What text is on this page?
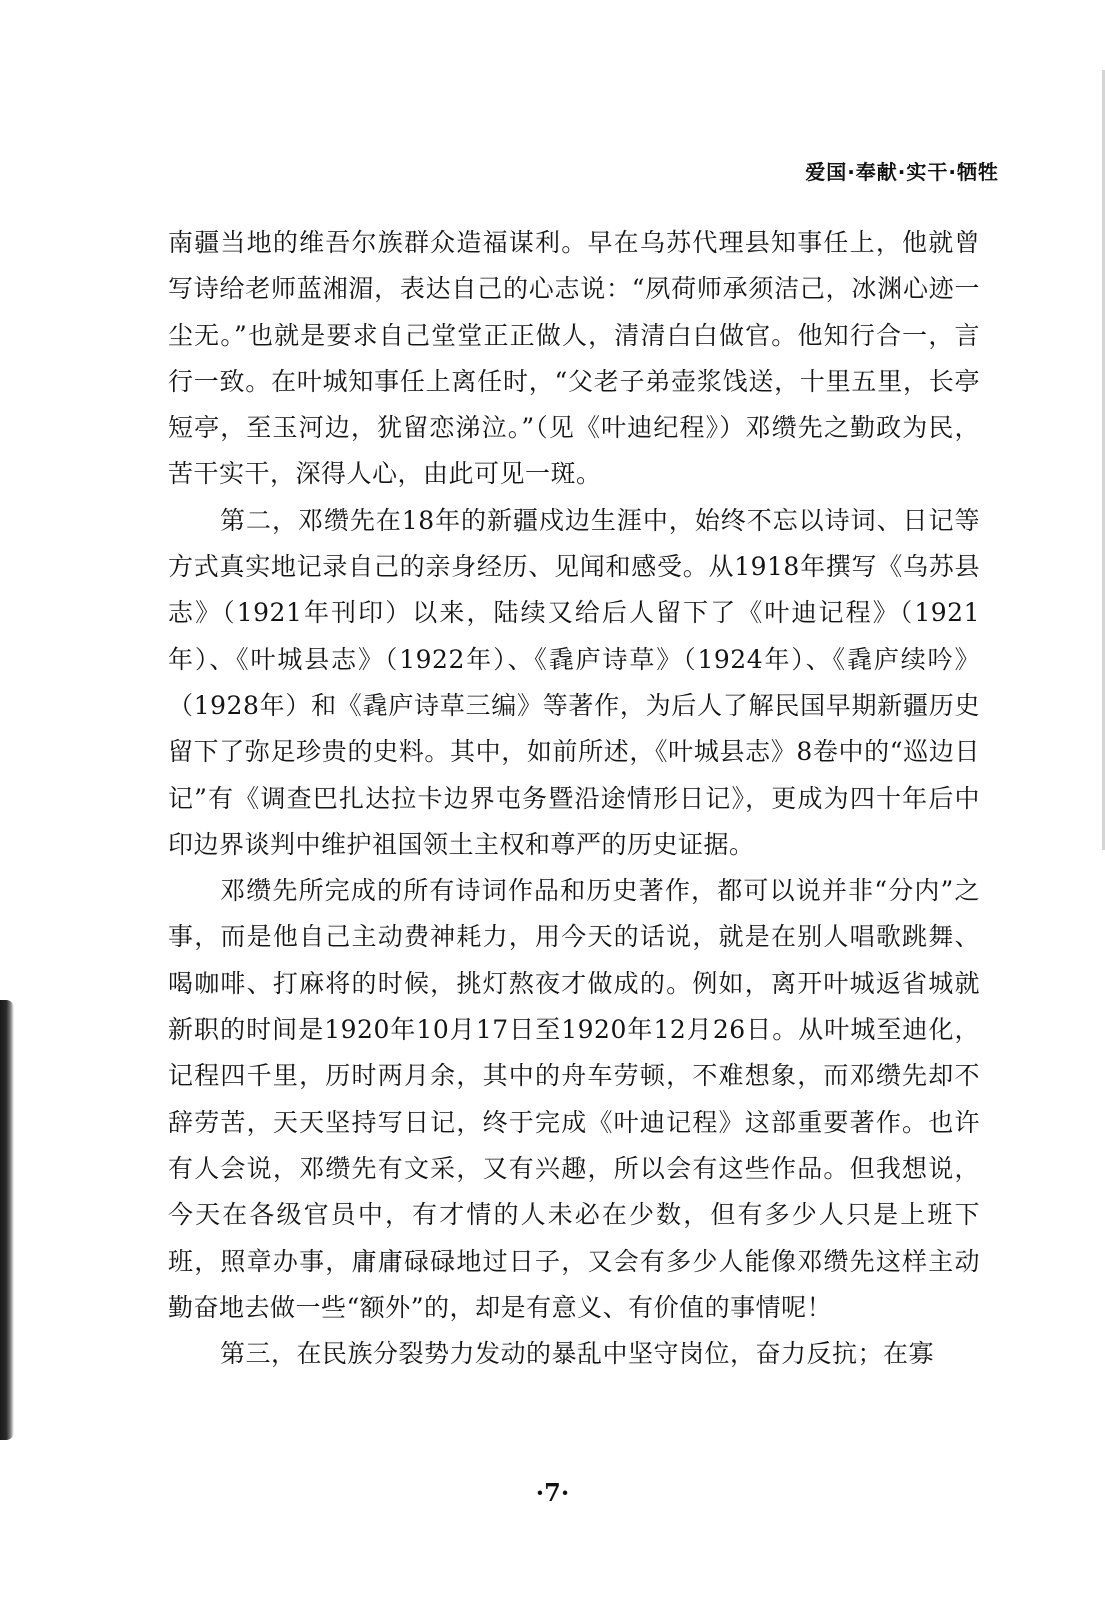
爱国·奉献·实干·牺牲

南疆当地的维吾尔族群众造福谋利。早在乌苏代理县知事任上，他就曾写诗给老师蓝湘湄，表达自己的心志说：“夙荷师承须洁己，冰渊心迹一尘无。”也就是要求自己堂堂正正做人，清清白白做官。他知行合一，言行一致。在叶城知事任上离任时，“父老子弟壶浆饯送，十里五里，长亭短亭，至玉河边，犹留恋涕泣。”（见《叶迪纪程》）邓缵先之勤政为民，苦干实干，深得人心，由此可见一斑。

第二，邓缵先在18年的新疆戍边生涯中，始终不忘以诗词、日记等方式真实地记录自己的亲身经历、见闻和感受。从1918年撰写《乌苏县志》（1921年刊印）以来，陆续又给后人留下了《叶迪记程》（1921年）、《叶城县志》（1922年）、《毳庐诗草》（1924年）、《毳庐续吟》（1928年）和《毳庐诗草三编》等著作，为后人了解民国早期新疆历史留下了弥足珍贵的史料。其中，如前所述，《叶城县志》8卷中的“巡边日记”有《调查巴扎达拉卡边界屯务暨沿途情形日记》，更成为四十年后中印边界谈判中维护祖国领土主权和尊严的历史证据。

邓缵先所完成的所有诗词作品和历史著作，都可以说并非“分内”之事，而是他自己主动费神耗力，用今天的话说，就是在别人唱歌跳舞、喝咖啡、打麻将的时候，挑灯熬夜才做成的。例如，离开叶城返省城就新职的时间是1920年10月17日至1920年12月26日。从叶城至迪化，记程四千里，历时两月余，其中的舟车劳顿，不难想象，而邓缵先却不辞劳苦，天天坚持写日记，终于完成《叶迪记程》这部重要著作。也许有人会说，邓缵先有文采，又有兴趣，所以会有这些作品。但我想说，今天在各级官员中，有才情的人未必在少数，但有多少人只是上班下班，照章办事，庸庸碌碌地过日子，又会有多少人能像邓缵先这样主动勤奋地去做一些“额外”的，却是有意义、有价值的事情呢！

第三，在民族分裂势力发动的暴乱中坚守岗位，奋力反抗；在寡

·7·
